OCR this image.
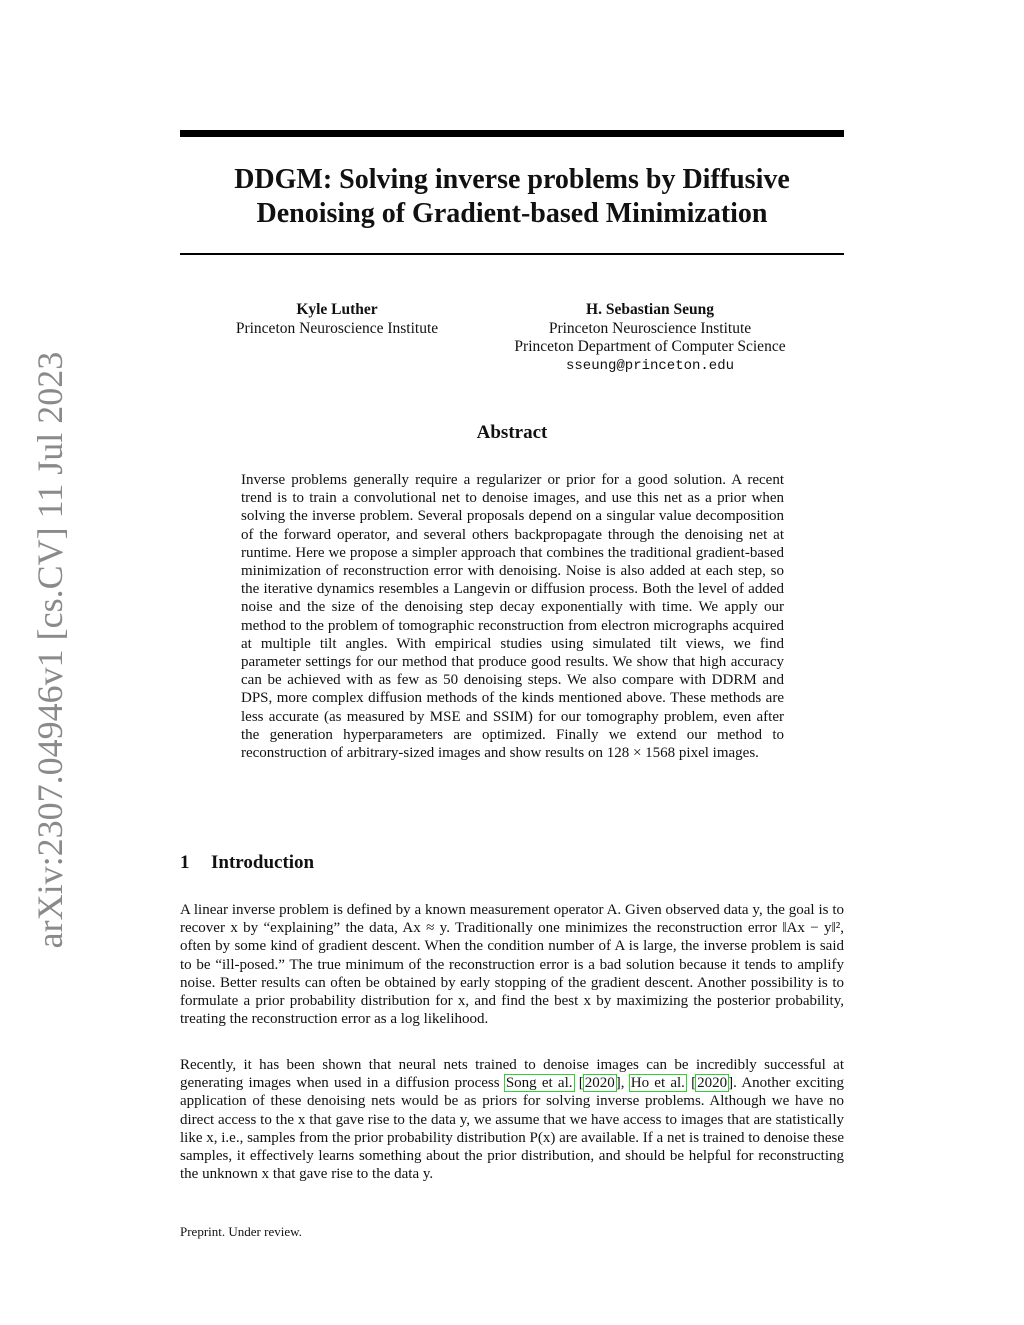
arXiv:2307.04946v1 [cs.CV] 11 Jul 2023
DDGM: Solving inverse problems by Diffusive
Denoising of Gradient-based Minimization
Kyle Luther
Princeton Neuroscience Institute
H. Sebastian Seung
Princeton Neuroscience Institute
Princeton Department of Computer Science
sseung@princeton.edu
Abstract

Inverse problems generally require a regularizer or prior for a good solution. A recent trend is to train a convolutional net to denoise images, and use this net as a prior when solving the inverse problem. Several proposals depend on a singular value decomposition of the forward operator, and several others backpropagate through the denoising net at runtime. Here we propose a simpler approach that combines the traditional gradient-based minimization of reconstruction error with denoising. Noise is also added at each step, so the iterative dynamics resembles a Langevin or diffusion process. Both the level of added noise and the size of the denoising step decay exponentially with time. We apply our method to the problem of tomographic reconstruction from electron micrographs acquired at multiple tilt angles. With empirical studies using simulated tilt views, we find parameter settings for our method that produce good results. We show that high accuracy can be achieved with as few as 50 denoising steps. We also compare with DDRM and DPS, more complex diffusion methods of the kinds mentioned above. These methods are less accurate (as measured by MSE and SSIM) for our tomography problem, even after the generation hyperparameters are optimized. Finally we extend our method to reconstruction of arbitrary-sized images and show results on 128 × 1568 pixel images.

1 Introduction

A linear inverse problem is defined by a known measurement operator A. Given observed data y, the goal is to recover x by “explaining” the data, Ax ≈ y. Traditionally one minimizes the reconstruction error ‖Ax − y‖², often by some kind of gradient descent. When the condition number of A is large, the inverse problem is said to be “ill-posed.” The true minimum of the reconstruction error is a bad solution because it tends to amplify noise. Better results can often be obtained by early stopping of the gradient descent. Another possibility is to formulate a prior probability distribution for x, and find the best x by maximizing the posterior probability, treating the reconstruction error as a log likelihood.

Recently, it has been shown that neural nets trained to denoise images can be incredibly successful at generating images when used in a diffusion process Song et al. [2020], Ho et al. [2020]. Another exciting application of these denoising nets would be as priors for solving inverse problems. Although we have no direct access to the x that gave rise to the data y, we assume that we have access to images that are statistically like x, i.e., samples from the prior probability distribution P(x) are available. If a net is trained to denoise these samples, it effectively learns something about the prior distribution, and should be helpful for reconstructing the unknown x that gave rise to the data y.

Preprint. Under review.
